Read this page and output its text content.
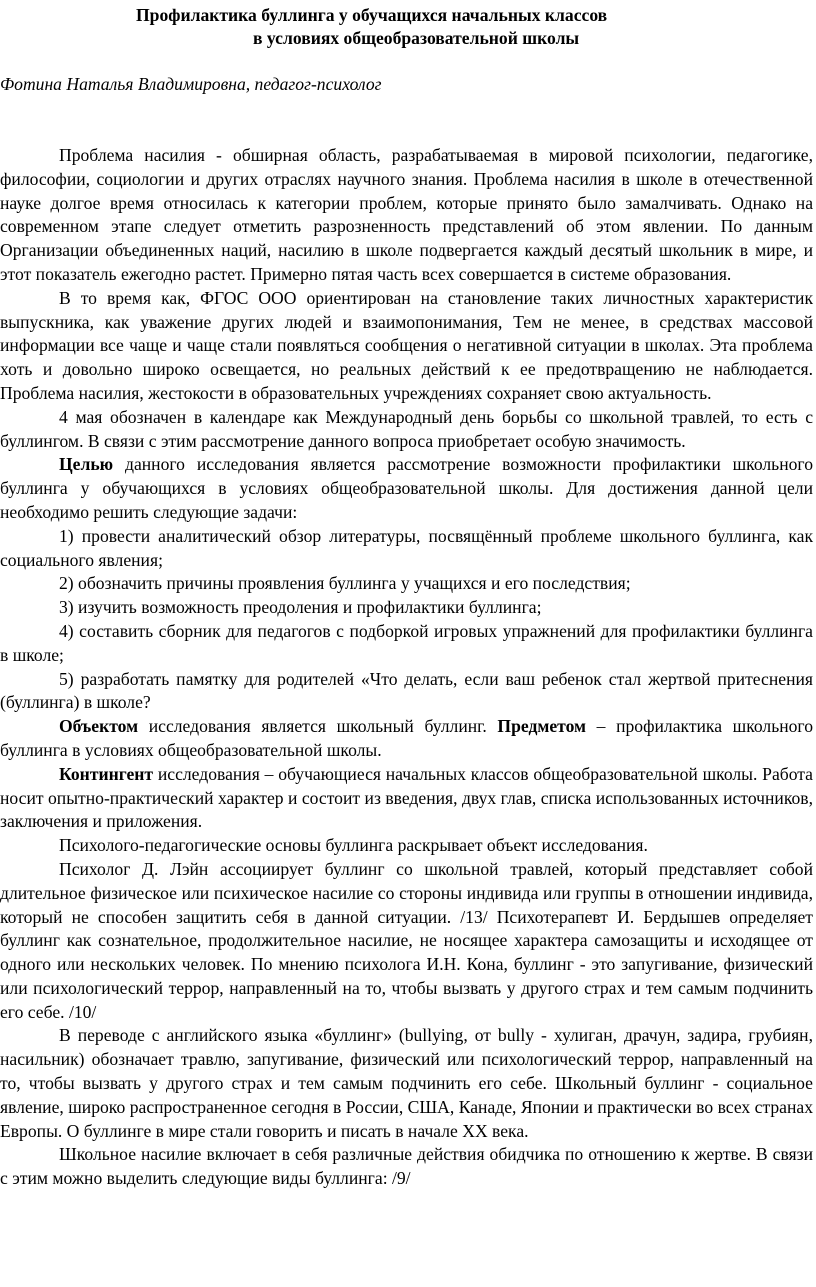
Профилактика буллинга у обучащихся начальных классов
в условиях общеобразовательной школы

Фотина Наталья Владимировна, педагог-психолог

Проблема насилия - обширная область, разрабатываемая в мировой психологии, педагогике, философии, социологии и других отраслях научного знания. Проблема насилия в школе в отечественной науке долгое время относилась к категории проблем, которые принято было замалчивать. Однако на современном этапе следует отметить разрозненность представлений об этом явлении. По данным Организации объединенных наций, насилию в школе подвергается каждый десятый школьник в мире, и этот показатель ежегодно растет. Примерно пятая часть всех совершается в системе образования.

В то время как, ФГОС ООО ориентирован на становление таких личностных характеристик выпускника, как уважение других людей и взаимопонимания, Тем не менее, в средствах массовой информации все чаще и чаще стали появляться сообщения о негативной ситуации в школах. Эта проблема хоть и довольно широко освещается, но реальных действий к ее предотвращению не наблюдается. Проблема насилия, жестокости в образовательных учреждениях сохраняет свою актуальность.

4 мая обозначен в календаре как Международный день борьбы со школьной травлей, то есть с буллингом. В связи с этим рассмотрение данного вопроса приобретает особую значимость.

Целью данного исследования является рассмотрение возможности профилактики школьного буллинга у обучающихся в условиях общеобразовательной школы. Для достижения данной цели необходимо решить следующие задачи:

1) провести аналитический обзор литературы, посвящённый проблеме школьного буллинга, как социального явления;

2) обозначить причины проявления буллинга у учащихся и его последствия;

3) изучить возможность преодоления и профилактики буллинга;

4) составить сборник для педагогов с подборкой игровых упражнений для профилактики буллинга в школе;

5) разработать памятку для родителей «Что делать, если ваш ребенок стал жертвой притеснения (буллинга) в школе?

Объектом исследования является школьный буллинг. Предметом – профилактика школьного буллинга в условиях общеобразовательной школы.

Контингент исследования – обучающиеся начальных классов общеобразовательной школы. Работа носит опытно-практический характер и состоит из введения, двух глав, списка использованных источников, заключения и приложения.

Психолого-педагогические основы буллинга раскрывает объект исследования.

Психолог Д. Лэйн ассоциирует буллинг со школьной травлей, который представляет собой длительное физическое или психическое насилие со стороны индивида или группы в отношении индивида, который не способен защитить себя в данной ситуации. /13/ Психотерапевт И. Бердышев определяет буллинг как сознательное, продолжительное насилие, не носящее характера самозащиты и исходящее от одного или нескольких человек. По мнению психолога И.Н. Кона, буллинг - это запугивание, физический или психологический террор, направленный на то, чтобы вызвать у другого страх и тем самым подчинить его себе. /10/

В переводе с английского языка «буллинг» (bullying, от bully - хулиган, драчун, задира, грубиян, насильник) обозначает травлю, запугивание, физический или психологический террор, направленный на то, чтобы вызвать у другого страх и тем самым подчинить его себе. Школьный буллинг - социальное явление, широко распространенное сегодня в России, США, Канаде, Японии и практически во всех странах Европы. О буллинге в мире стали говорить и писать в начале XX века.

Школьное насилие включает в себя различные действия обидчика по отношению к жертве. В связи с этим можно выделить следующие виды буллинга: /9/
